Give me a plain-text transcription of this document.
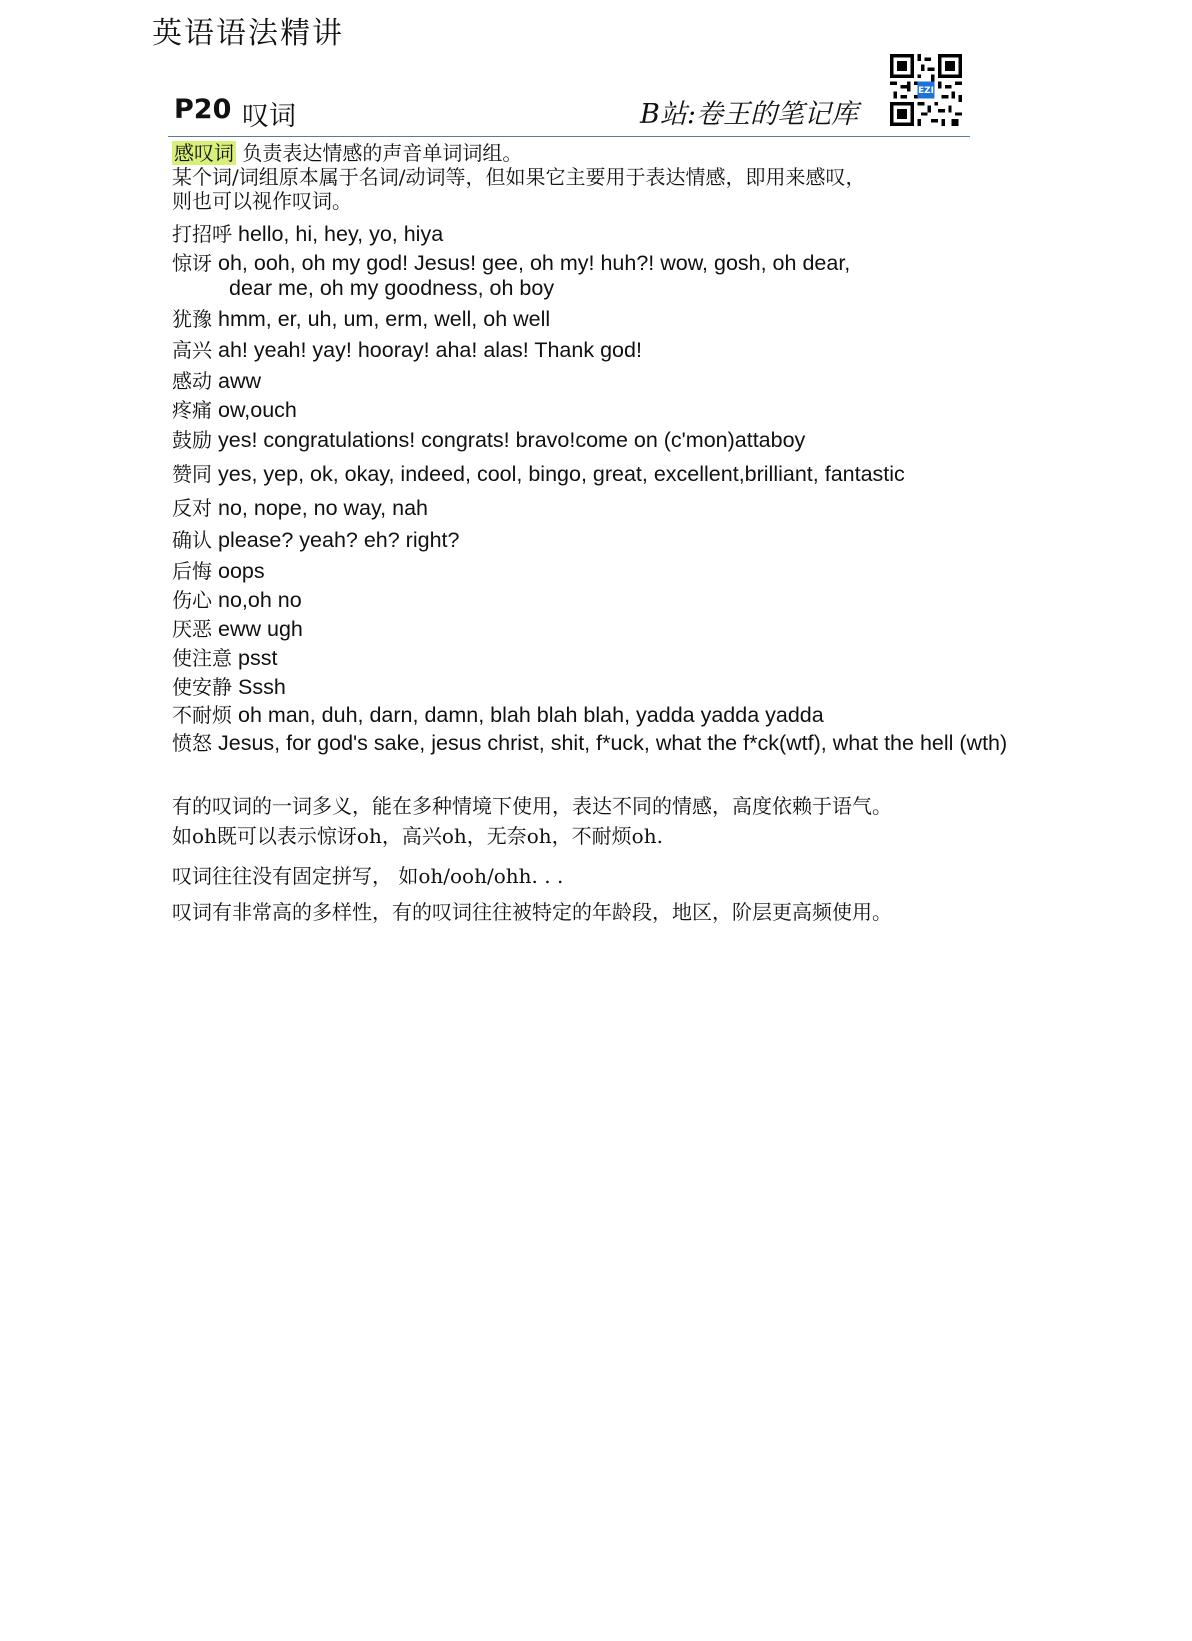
英语语法精讲
P20 叹词	B站:卷王的笔记库
EZI
感叹词 负责表达情感的声音单词词组。
某个词/词组原本属于名词/动词等，但如果它主要用于表达情感，即用来感叹，
则也可以视作叹词。
打招呼 hello, hi, hey, yo, hiya
惊讶 oh, ooh, oh my god! Jesus! gee, oh my! huh?! wow, gosh, oh dear,
dear me, oh my goodness, oh boy
犹豫 hmm, er, uh, um, erm, well, oh well
高兴 ah! yeah! yay! hooray! aha! alas! Thank god!
感动 aww
疼痛 ow,ouch
鼓励 yes! congratulations! congrats! bravo!come on (c'mon)attaboy
赞同 yes, yep, ok, okay, indeed, cool, bingo, great, excellent,brilliant, fantastic
反对 no, nope, no way, nah
确认 please? yeah? eh? right?
后悔 oops
伤心 no,oh no
厌恶 eww ugh
使注意 psst
使安静 Sssh
不耐烦 oh man, duh, darn, damn, blah blah blah, yadda yadda yadda
愤怒 Jesus, for god's sake, jesus christ, shit, f*uck, what the f*ck(wtf), what the hell (wth)

有的叹词的一词多义，能在多种情境下使用，表达不同的情感，高度依赖于语气。

如oh既可以表示惊讶oh，高兴oh，无奈oh，不耐烦oh.

叹词往往没有固定拼写， 如oh/ooh/ohh. . .

叹词有非常高的多样性，有的叹词往往被特定的年龄段，地区，阶层更高频使用。
